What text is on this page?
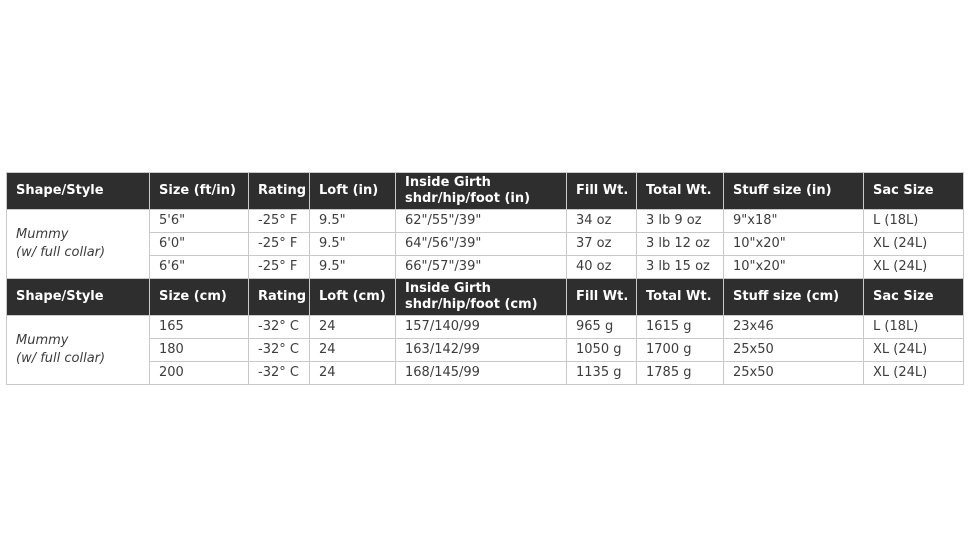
Shape/Style	Size (ft/in)	Rating	Loft (in)	Inside Girth
shdr/hip/foot (in)	Fill Wt.	Total Wt.	Stuff size (in)	Sac Size

Mummy
(w/ full collar)	5'6"	-25° F	9.5"	62"/55"/39"	34 oz	3 lb 9 oz	9"x18"	L (18L)
	6'0"	-25° F	9.5"	64"/56"/39"	37 oz	3 lb 12 oz	10"x20"	XL (24L)
	6'6"	-25° F	9.5"	66"/57"/39"	40 oz	3 lb 15 oz	10"x20"	XL (24L)
Shape/Style	Size (cm)	Rating	Loft (cm)	Inside Girth
shdr/hip/foot (cm)	Fill Wt.	Total Wt.	Stuff size (cm)	Sac Size

Mummy
(w/ full collar)	165	-32° C	24	157/140/99	965 g	1615 g	23x46	L (18L)
	180	-32° C	24	163/142/99	1050 g	1700 g	25x50	XL (24L)
	200	-32° C	24	168/145/99	1135 g	1785 g	25x50	XL (24L)
